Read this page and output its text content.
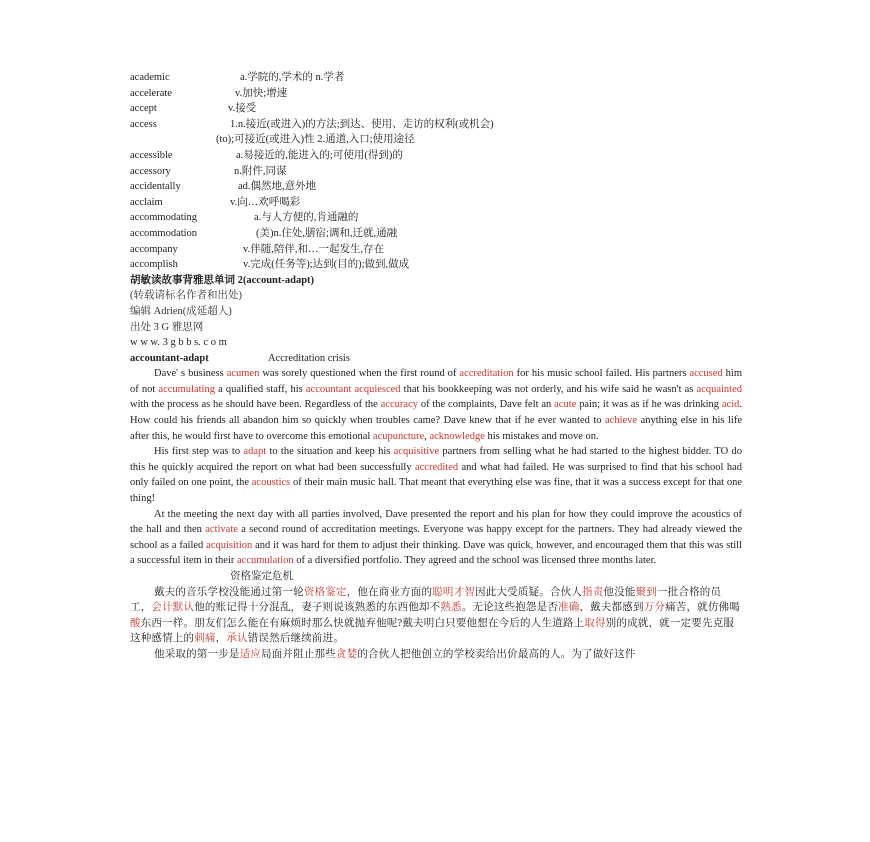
academic	a.学院的,学术的 n.学者
accelerate	v.加快;增速
accept	v.接受
access	1.n.接近(或进入)的方法;到达、使用、走访的权利(或机会)
(to);可接近(或进入)性 2.通道,入口;使用途径
accessible	a.易接近的,能进入的;可使用(得到)的
accessory	n.附件,同谋
accidentally	ad.偶然地,意外地
acclaim	v.向…欢呼喝彩
accommodating	a.与人方便的,肯通融的
accommodation	(美)n.住处,膳宿;调和,迁就,通融
accompany	v.伴随,陪伴,和…一起发生,存在
accomplish	v.完成(任务等);达到(目的);做到,做成
胡敏读故事背雅思单词 2(account-adapt)
(转载请标名作者和出处)
编辑 Adrien(成延超人)
出处 3 G 雅思网
w w w. 3 g b b s. c o m
accountant-adapt	Accreditation crisis

Dave' s business acumen was sorely questioned when the first round of accreditation for his music school failed. His partners accused him of not accumulating a qualified staff, his accountant acquiesced that his bookkeeping was not orderly, and his wife said he wasn't as acquainted with the process as he should have been. Regardless of the accuracy of the complaints, Dave felt an acute pain; it was as if he was drinking acid. How could his friends all abandon him so quickly when troubles came? Dave knew that if he ever wanted to achieve anything else in his life after this, he would first have to overcome this emotional acupuncture, acknowledge his mistakes and move on.

His first step was to adapt to the situation and keep his acquisitive partners from selling what he had started to the highest bidder. TO do this he quickly acquired the report on what had been successfully accredited and what had failed. He was surprised to find that his school had only failed on one point, the acoustics of their main music hall. That meant that everything else was fine, that it was a success except for that one thing!

At the meeting the next day with all parties involved, Dave presented the report and his plan for how they could improve the acoustics of the hall and then activate a second round of accreditation meetings. Everyone was happy except for the partners. They had already viewed the school as a failed acquisition and it was hard for them to adjust their thinking. Dave was quick, however, and encouraged them that this was still a successful item in their accumulation of a diversified portfolio. They agreed and the school was licensed three months later.

资格鉴定危机

戴夫的音乐学校没能通过第一轮资格鉴定，他在商业方面的聪明才智因此大受质疑。合伙人指责他没能聚到一批合格的员工，会计默认他的账记得十分混乱，妻子则说该熟悉的东西他却不熟悉。无论这些抱怨是否准确，戴夫都感到万分痛苦，就仿佛喝酸东西一样。朋友们怎么能在有麻烦时那么快就抛弃他呢?戴夫明白只要他想在今后的人生道路上取得别的成就，就一定要先克服这种感情上的刺痛，承认错误然后继续前进。

他采取的第一步是适应局面并阻止那些贪婪的合伙人把他创立的学校卖给出价最高的人。为了做好这件
